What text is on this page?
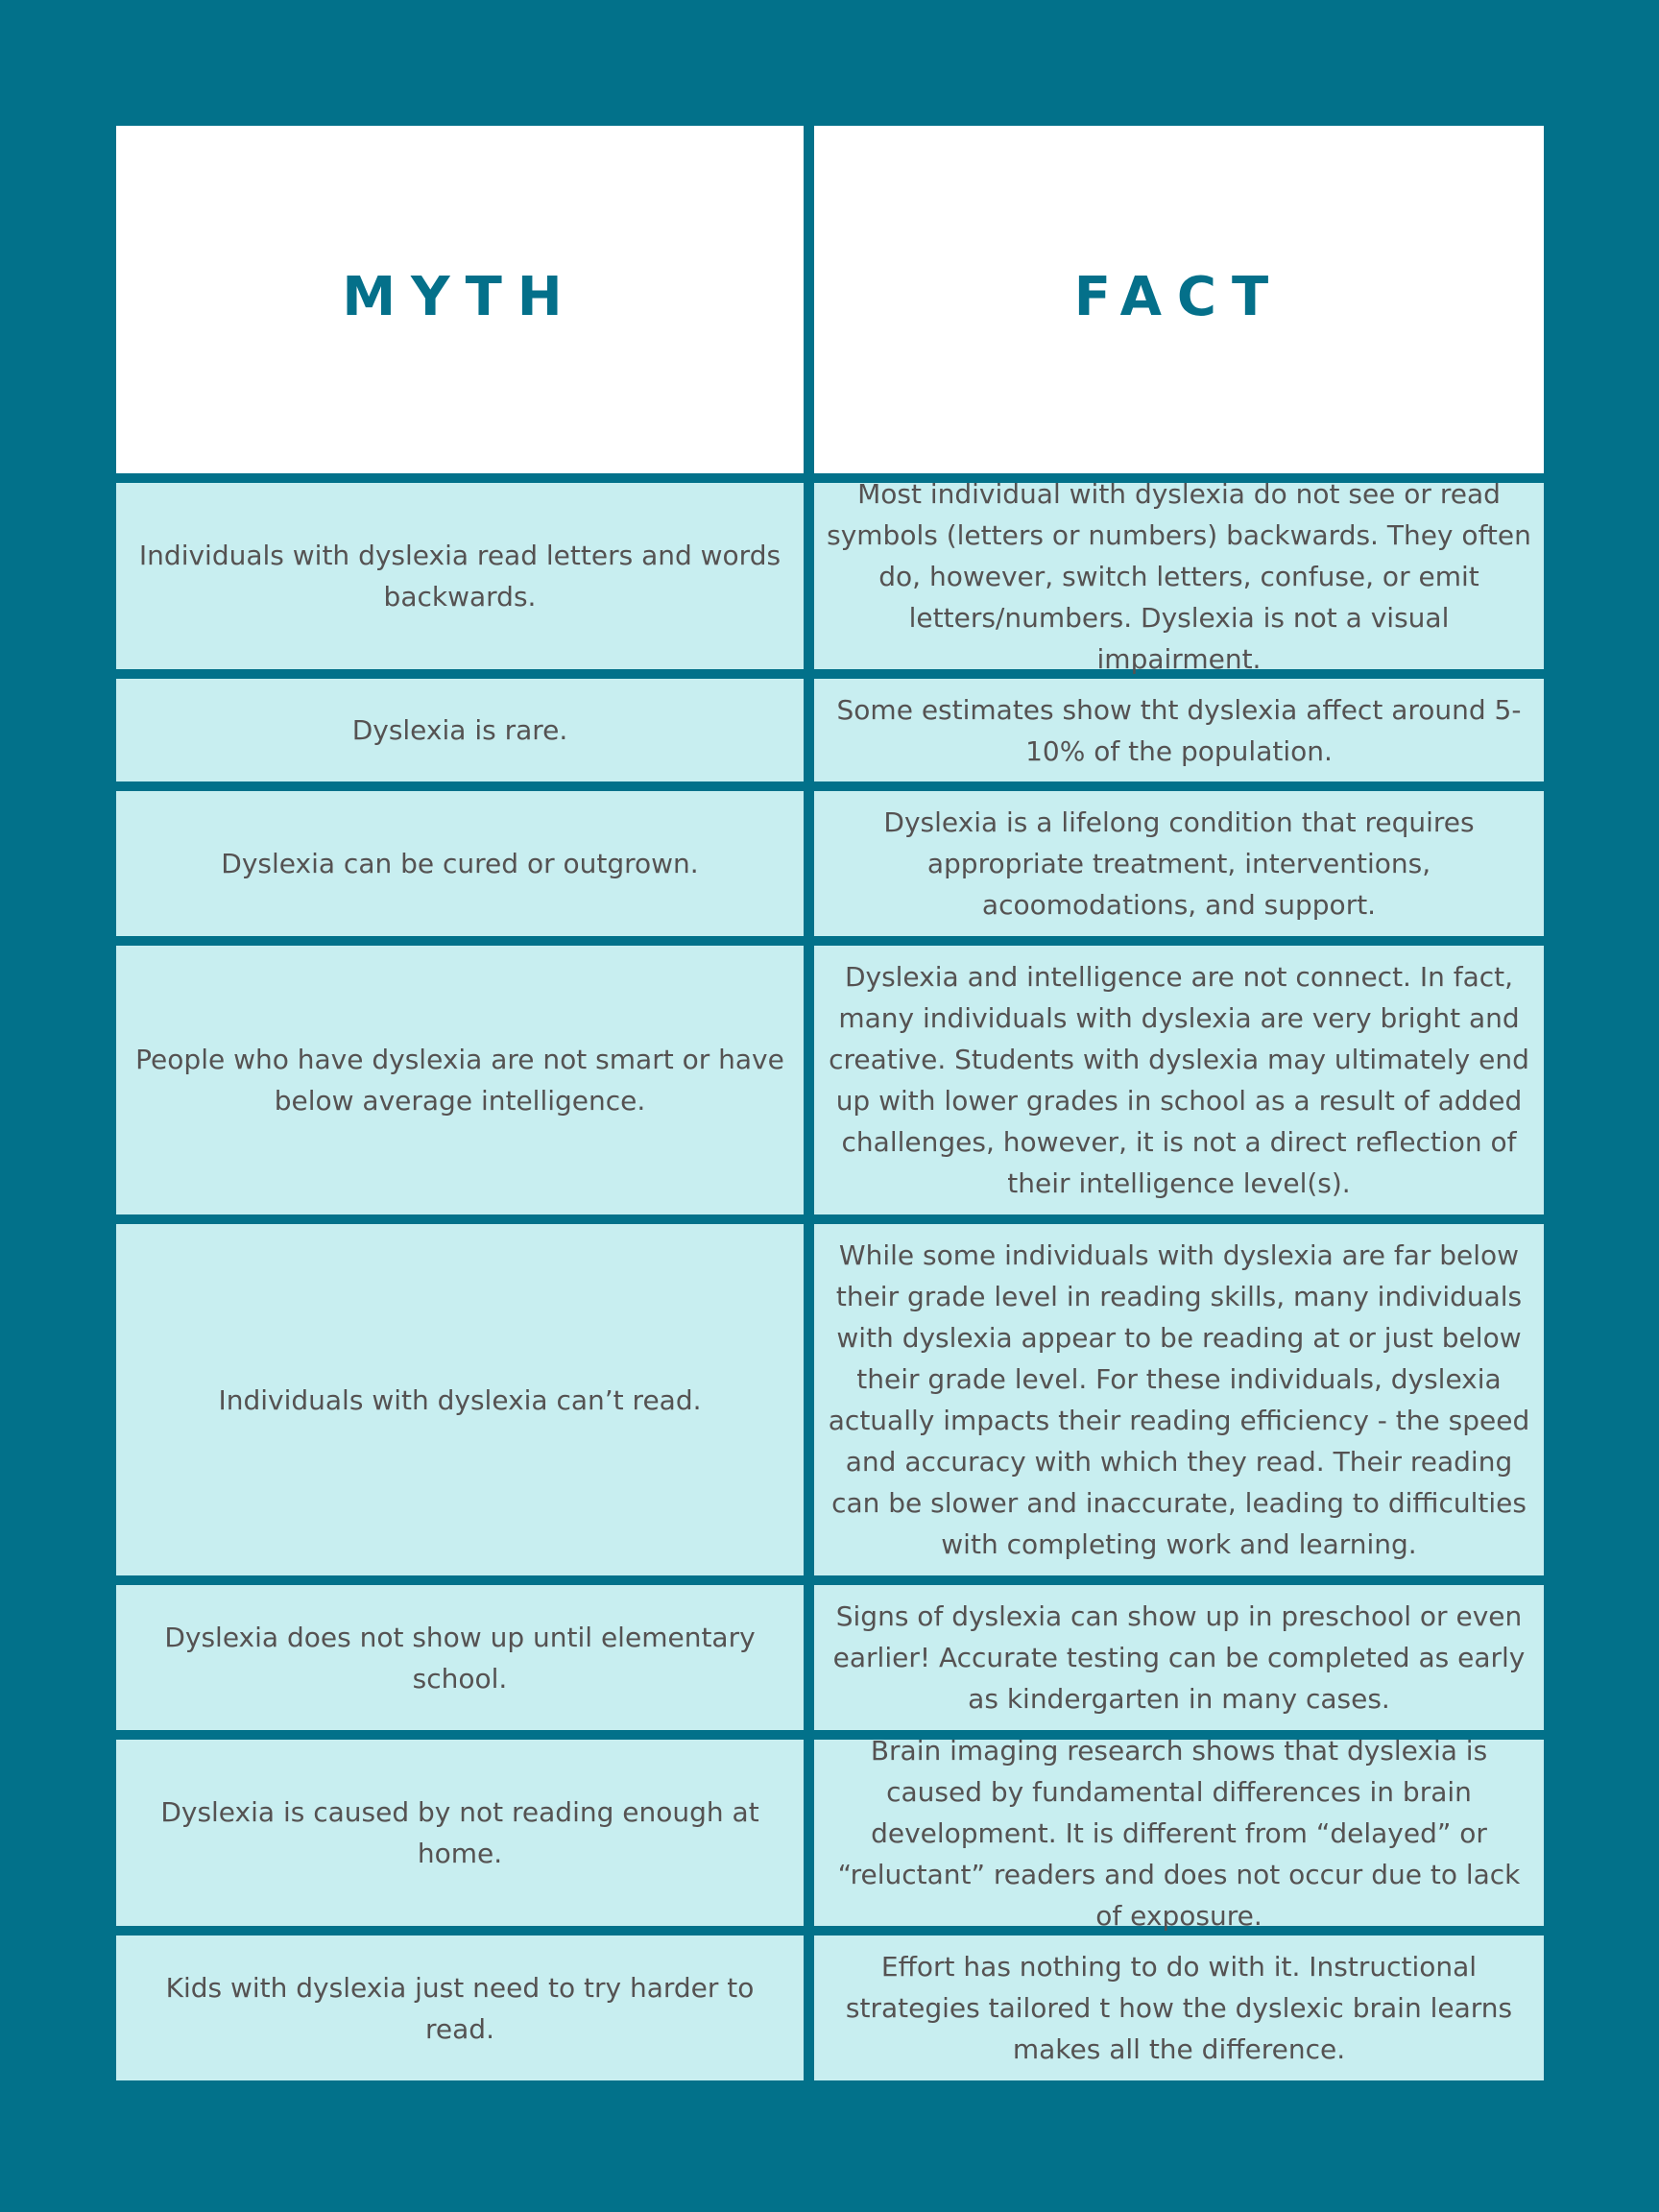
MYTH	FACT
Individuals with dyslexia read letters and words backwards.
Most individual with dyslexia do not see or read symbols (letters or numbers) backwards. They often do, however, switch letters, confuse, or emit letters/numbers. Dyslexia is not a visual impairment.
Dyslexia is rare.
Some estimates show tht dyslexia affect around 5-10% of the population.
Dyslexia can be cured or outgrown.
Dyslexia is a lifelong condition that requires appropriate treatment, interventions, acoomodations, and support.
People who have dyslexia are not smart or have below average intelligence.
Dyslexia and intelligence are not connect. In fact, many individuals with dyslexia are very bright and creative. Students with dyslexia may ultimately end up with lower grades in school as a result of added challenges, however, it is not a direct reflection of their intelligence level(s).
Individuals with dyslexia can’t read.
While some individuals with dyslexia are far below their grade level in reading skills, many individuals with dyslexia appear to be reading at or just below their grade level. For these individuals, dyslexia actually impacts their reading efficiency - the speed and accuracy with which they read. Their reading can be slower and inaccurate, leading to difficulties with completing work and learning.
Dyslexia does not show up until elementary school.
Signs of dyslexia can show up in preschool or even earlier! Accurate testing can be completed as early as kindergarten in many cases.
Dyslexia is caused by not reading enough at home.
Brain imaging research shows that dyslexia is caused by fundamental differences in brain development. It is different from “delayed” or “reluctant” readers and does not occur due to lack of exposure.
Kids with dyslexia just need to try harder to read.
Effort has nothing to do with it. Instructional strategies tailored t how the dyslexic brain learns makes all the difference.
